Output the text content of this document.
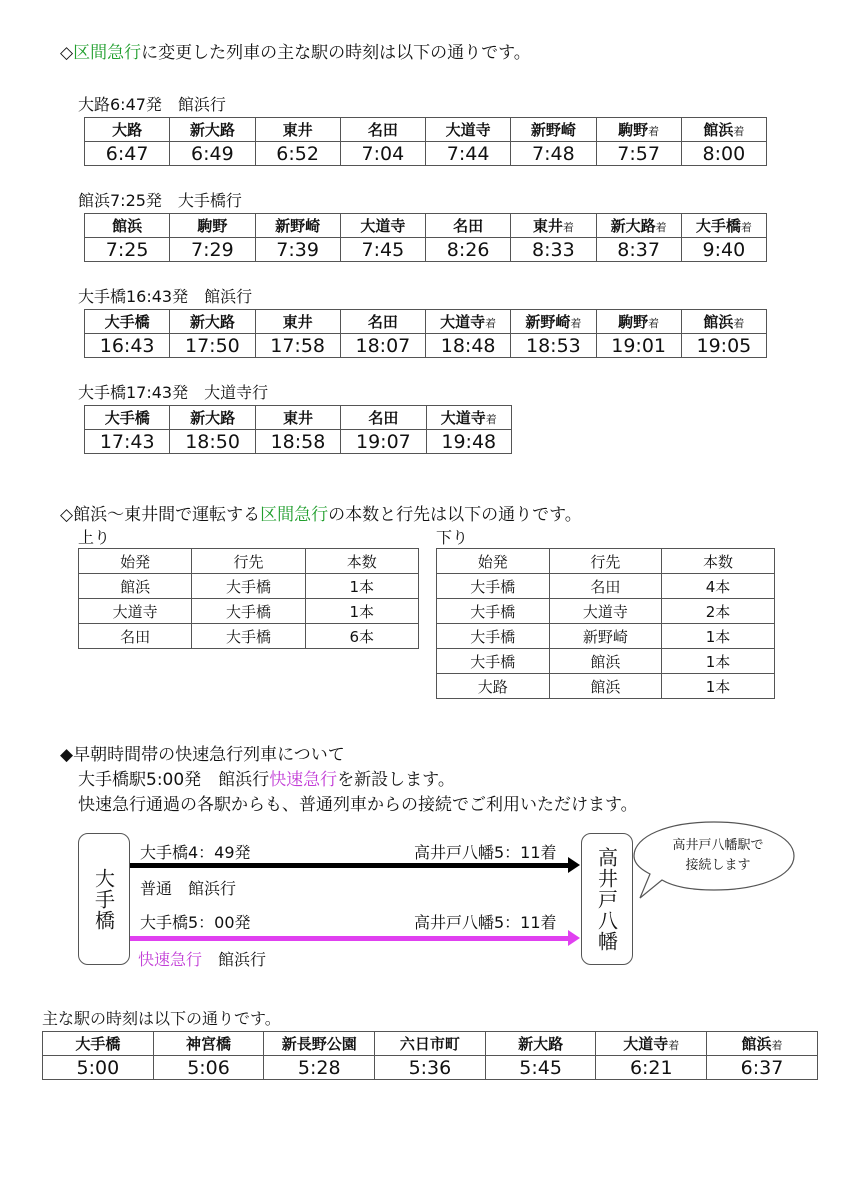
◇区間急行に変更した列車の主な駅の時刻は以下の通りです。
大路6:47発　館浜行
大路	新大路	東井	名田	大道寺	新野崎	駒野着	館浜着
6:47	6:49	6:52	7:04	7:44	7:48	7:57	8:00
館浜7:25発　大手橋行
館浜	駒野	新野崎	大道寺	名田	東井着	新大路着	大手橋着
7:25	7:29	7:39	7:45	8:26	8:33	8:37	9:40
大手橋16:43発　館浜行
大手橋	新大路	東井	名田	大道寺着	新野崎着	駒野着	館浜着
16:43	17:50	17:58	18:07	18:48	18:53	19:01	19:05
大手橋17:43発　大道寺行
大手橋	新大路	東井	名田	大道寺着
17:43	18:50	18:58	19:07	19:48
◇館浜～東井間で運転する区間急行の本数と行先は以下の通りです。
上り
始発	行先	本数
館浜	大手橋	1本
大道寺	大手橋	1本
名田	大手橋	6本
下り
始発	行先	本数
大手橋	名田	4本
大手橋	大道寺	2本
大手橋	新野崎	1本
大手橋	館浜	1本
大路	館浜	1本
◆早朝時間帯の快速急行列車について
大手橋駅5:00発　館浜行快速急行を新設します。
快速急行通過の各駅からも、普通列車からの接続でご利用いただけます。
大手橋	高井戸八幡
大手橋4：49発	高井戸八幡5：11着
普通　館浜行
大手橋5：00発	高井戸八幡5：11着
快速急行　館浜行
高井戸八幡駅で
接続します
主な駅の時刻は以下の通りです。
大手橋	神宮橋	新長野公園	六日市町	新大路	大道寺着	館浜着
5:00	5:06	5:28	5:36	5:45	6:21	6:37
